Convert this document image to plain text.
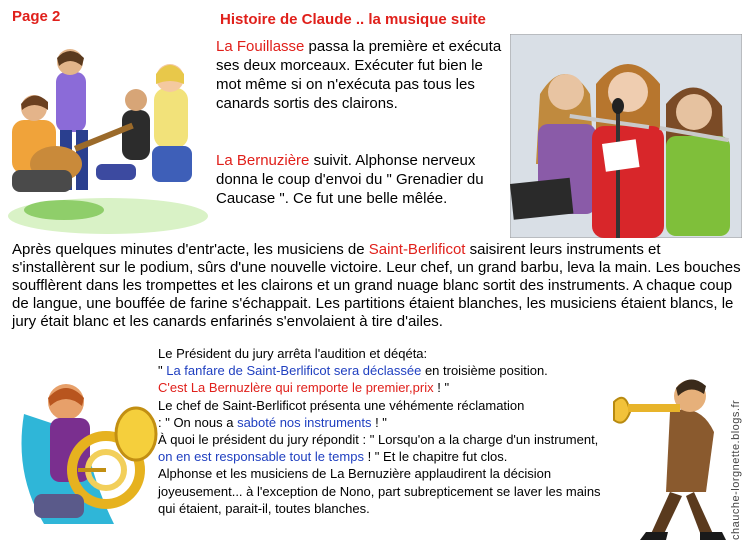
Page 2	Histoire de Claude .. la musique suite
La Fouillasse passa la première et exécuta ses deux morceaux. Exécuter fut bien le mot même si on n'exécuta pas tous les canards sortis des clairons.
La Bernuzière suivit. Alphonse nerveux donna le coup d'envoi du " Grenadier du Caucase ". Ce fut une belle mêlée.
Après quelques minutes d'entr'acte, les musiciens de Saint-Berlificot saisirent leurs instruments et s'installèrent sur le podium, sûrs d'une nouvelle victoire. Leur chef, un grand barbu, leva la main. Les bouches soufflèrent dans les trompettes et les clairons et un grand nuage blanc sortit des instruments. A chaque coup de langue, une bouffée de farine s'échappait. Les partitions étaient blanches, les musiciens étaient blancs, le jury était blanc et les canards enfarinés s'envolaient à tire d'ailes.
Le Président du jury arrêta l'audition et déqéta:
" La fanfare de Saint-Berlificot sera déclassée en troisième position.
C'est La Bernuzlère qui remporte le premier,prix ! "
Le chef de Saint-Berlificot présenta une véhémente réclamation
: " On nous a saboté nos instruments ! "
À quoi le président du jury répondit : " Lorsqu'on a la charge d'un instrument, on en est responsable tout le temps ! " Et le chapitre fut clos.
Alphonse et les musiciens de La Bernuzière applaudirent la décision joyeusement... à l'exception de Nono, part subrepticement se laver les mains qui étaient, parait-il, toutes blanches.	chauche-lorgnette.blogs.fr
